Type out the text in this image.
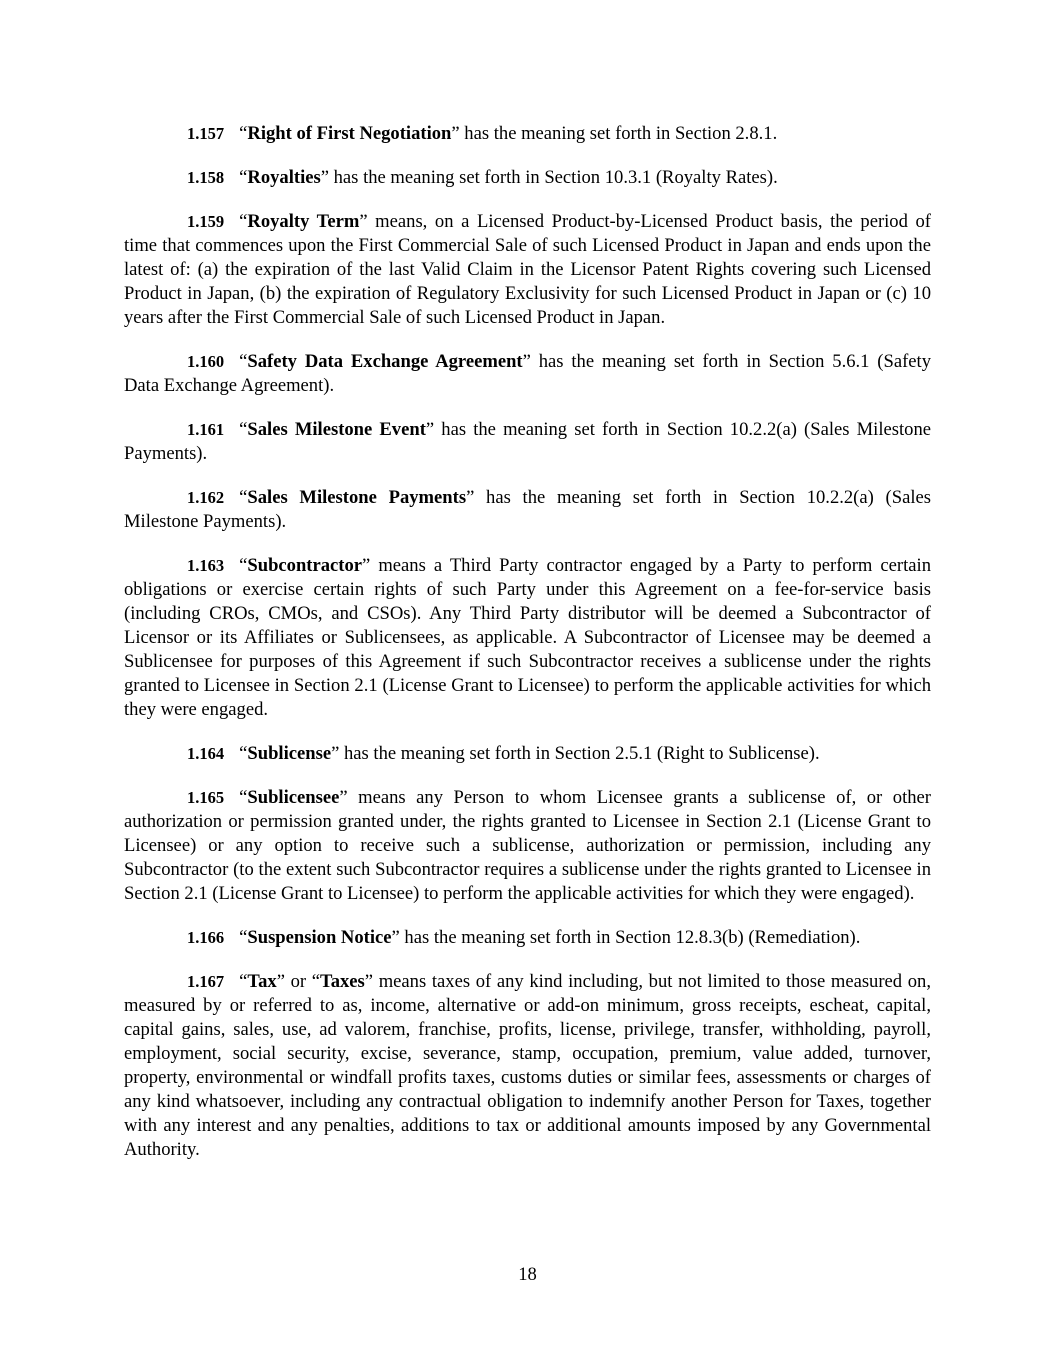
1.157 “Right of First Negotiation” has the meaning set forth in Section 2.8.1.

1.158 “Royalties” has the meaning set forth in Section 10.3.1 (Royalty Rates).

1.159 “Royalty Term” means, on a Licensed Product-by-Licensed Product basis, the period of time that commences upon the First Commercial Sale of such Licensed Product in Japan and ends upon the latest of: (a) the expiration of the last Valid Claim in the Licensor Patent Rights covering such Licensed Product in Japan, (b) the expiration of Regulatory Exclusivity for such Licensed Product in Japan or (c) 10 years after the First Commercial Sale of such Licensed Product in Japan.

1.160 “Safety Data Exchange Agreement” has the meaning set forth in Section 5.6.1 (Safety Data Exchange Agreement).

1.161 “Sales Milestone Event” has the meaning set forth in Section 10.2.2(a) (Sales Milestone Payments).

1.162 “Sales Milestone Payments” has the meaning set forth in Section 10.2.2(a) (Sales Milestone Payments).

1.163 “Subcontractor” means a Third Party contractor engaged by a Party to perform certain obligations or exercise certain rights of such Party under this Agreement on a fee-for-service basis (including CROs, CMOs, and CSOs). Any Third Party distributor will be deemed a Subcontractor of Licensor or its Affiliates or Sublicensees, as applicable. A Subcontractor of Licensee may be deemed a Sublicensee for purposes of this Agreement if such Subcontractor receives a sublicense under the rights granted to Licensee in Section 2.1 (License Grant to Licensee) to perform the applicable activities for which they were engaged.

1.164 “Sublicense” has the meaning set forth in Section 2.5.1 (Right to Sublicense).

1.165 “Sublicensee” means any Person to whom Licensee grants a sublicense of, or other authorization or permission granted under, the rights granted to Licensee in Section 2.1 (License Grant to Licensee) or any option to receive such a sublicense, authorization or permission, including any Subcontractor (to the extent such Subcontractor requires a sublicense under the rights granted to Licensee in Section 2.1 (License Grant to Licensee) to perform the applicable activities for which they were engaged).

1.166 “Suspension Notice” has the meaning set forth in Section 12.8.3(b) (Remediation).

1.167 “Tax” or “Taxes” means taxes of any kind including, but not limited to those measured on, measured by or referred to as, income, alternative or add-on minimum, gross receipts, escheat, capital, capital gains, sales, use, ad valorem, franchise, profits, license, privilege, transfer, withholding, payroll, employment, social security, excise, severance, stamp, occupation, premium, value added, turnover, property, environmental or windfall profits taxes, customs duties or similar fees, assessments or charges of any kind whatsoever, including any contractual obligation to indemnify another Person for Taxes, together with any interest and any penalties, additions to tax or additional amounts imposed by any Governmental Authority.

18
